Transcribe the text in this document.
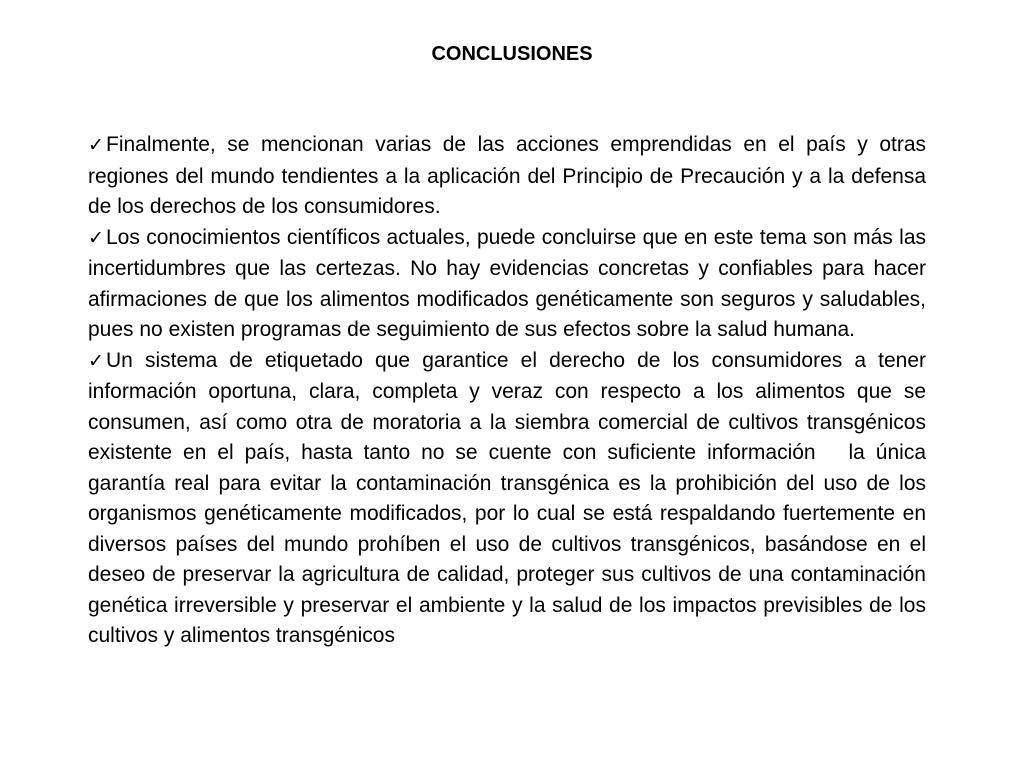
CONCLUSIONES
✓Finalmente, se mencionan varias de las acciones emprendidas en el país y otras regiones del mundo tendientes a la aplicación del Principio de Precaución y a la defensa de los derechos de los consumidores.
✓Los conocimientos científicos actuales, puede concluirse que en este tema son más las incertidumbres que las certezas. No hay evidencias concretas y confiables para hacer afirmaciones de que los alimentos modificados genéticamente son seguros y saludables, pues no existen programas de seguimiento de sus efectos sobre la salud humana.
✓Un sistema de etiquetado que garantice el derecho de los consumidores a tener información oportuna, clara, completa y veraz con respecto a los alimentos que se consumen, así como otra de moratoria a la siembra comercial de cultivos transgénicos existente en el país, hasta tanto no se cuente con suficiente información   la única garantía real para evitar la contaminación transgénica es la prohibición del uso de los organismos genéticamente modificados, por lo cual se está respaldando fuertemente en diversos países del mundo prohíben el uso de cultivos transgénicos, basándose en el deseo de preservar la agricultura de calidad, proteger sus cultivos de una contaminación genética irreversible y preservar el ambiente y la salud de los impactos previsibles de los cultivos y alimentos transgénicos
